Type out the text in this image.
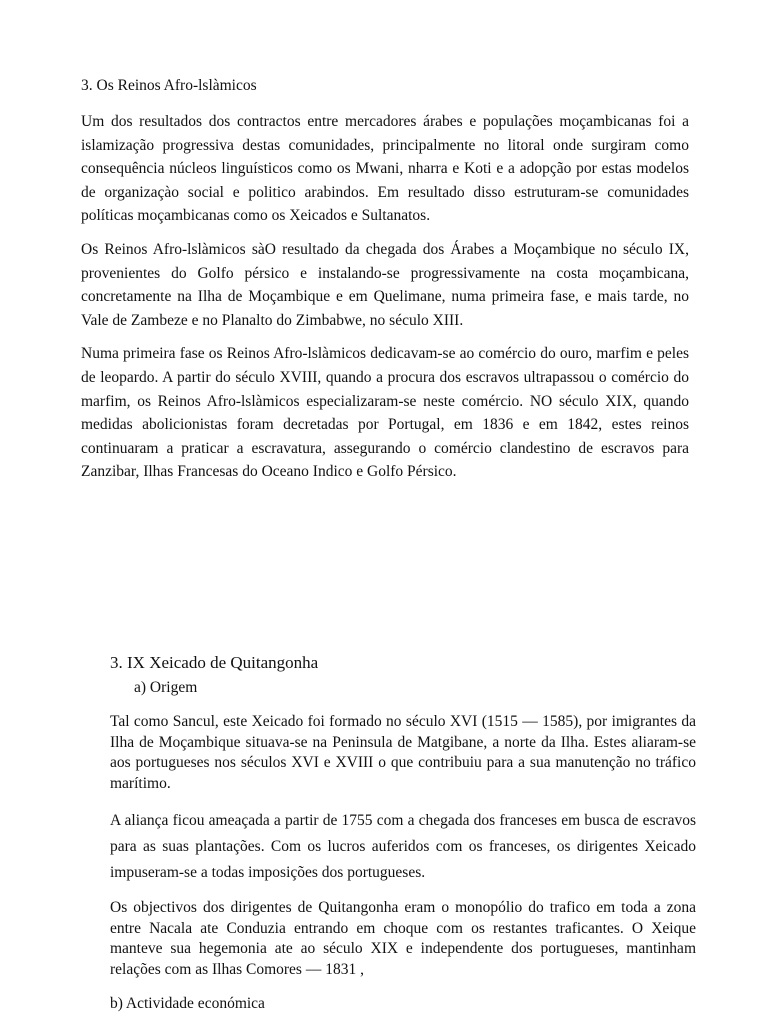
3. Os Reinos Afro-lslàmicos

Um dos resultados dos contractos entre mercadores árabes e populações moçambicanas foi a islamização progressiva destas comunidades, principalmente no litoral onde surgiram como consequência núcleos linguísticos como os Mwani, nharra e Koti e a adopção por estas modelos de organizaçào social e politico arabindos. Em resultado disso estruturam-se comunidades políticas moçambicanas como os Xeicados e Sultanatos.

Os Reinos Afro-lslàmicos sàO resultado da chegada dos Árabes a Moçambique no século IX, provenientes do Golfo pérsico e instalando-se progressivamente na costa moçambicana, concretamente na Ilha de Moçambique e em Quelimane, numa primeira fase, e mais tarde, no Vale de Zambeze e no Planalto do Zimbabwe, no século XIII.

Numa primeira fase os Reinos Afro-lslàmicos dedicavam-se ao comércio do ouro, marfim e peles de leopardo. A partir do século XVIII, quando a procura dos escravos ultrapassou o comércio do marfim, os Reinos Afro-lslàmicos especializaram-se neste comércio. NO século XIX, quando medidas abolicionistas foram decretadas por Portugal, em 1836 e em 1842, estes reinos continuaram a praticar a escravatura, assegurando o comércio clandestino de escravos para Zanzibar, Ilhas Francesas do Oceano Indico e Golfo Pérsico.

3. IX Xeicado de Quitangonha
a) Origem

Tal como Sancul, este Xeicado foi formado no século XVI (1515 — 1585), por imigrantes da Ilha de Moçambique situava-se na Peninsula de Matgibane, a norte da Ilha. Estes aliaram-se aos portugueses nos séculos XVI e XVIII o que contribuiu para a sua manutenção no tráfico marítimo.

A aliança ficou ameaçada a partir de 1755 com a chegada dos franceses em busca de escravos para as suas plantações. Com os lucros auferidos com os franceses, os dirigentes Xeicado impuseram-se a todas imposições dos portugueses.

Os objectivos dos dirigentes de Quitangonha eram o monopólio do trafico em toda a zona entre Nacala ate Conduzia entrando em choque com os restantes traficantes. O Xeique manteve sua hegemonia ate ao século XIX e independente dos portugueses, mantinham relações com as Ilhas Comores — 1831 ,

b) Actividade económica
